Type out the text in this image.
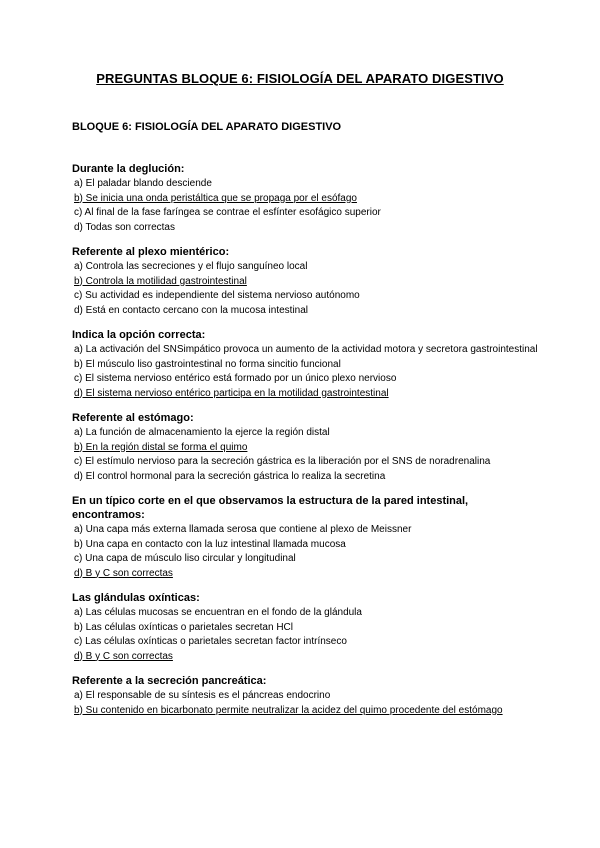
PREGUNTAS BLOQUE 6: FISIOLOGÍA DEL APARATO DIGESTIVO
BLOQUE 6: FISIOLOGÍA DEL APARATO DIGESTIVO
Durante la deglución:
a) El paladar blando desciende
b) Se inicia una onda peristáltica que se propaga por el esófago
c) Al final de la fase faríngea se contrae el esfínter esofágico superior
d) Todas son correctas
Referente al plexo mientérico:
a) Controla las secreciones y el flujo sanguíneo local
b) Controla la motilidad gastrointestinal
c) Su actividad es independiente del sistema nervioso autónomo
d) Está en contacto cercano con la mucosa intestinal
Indica la opción correcta:
a) La activación del SNSimpático provoca un aumento de la actividad motora y secretora gastrointestinal
b) El músculo liso gastrointestinal no forma sincitio funcional
c) El sistema nervioso entérico está formado por un único plexo nervioso
d) El sistema nervioso entérico participa en la motilidad gastrointestinal
Referente al estómago:
a) La función de almacenamiento la ejerce la región distal
b) En la región distal se forma el quimo
c) El estímulo nervioso para la secreción gástrica es la liberación por el SNS de noradrenalina
d) El control hormonal para la secreción gástrica lo realiza la secretina
En un típico corte en el que observamos la estructura de la pared intestinal, encontramos:
a) Una capa más externa llamada serosa que contiene al plexo de Meissner
b) Una capa en contacto con la luz intestinal llamada mucosa
c) Una capa de músculo liso circular y longitudinal
d) B y C son correctas
Las glándulas oxínticas:
a) Las células mucosas se encuentran en el fondo de la glándula
b) Las células oxínticas o parietales secretan HCl
c) Las células oxínticas o parietales secretan factor intrínseco
d) B y C son correctas
Referente a la secreción pancreática:
a) El responsable de su síntesis es el páncreas endocrino
b) Su contenido en bicarbonato permite neutralizar la acidez del quimo procedente del estómago
